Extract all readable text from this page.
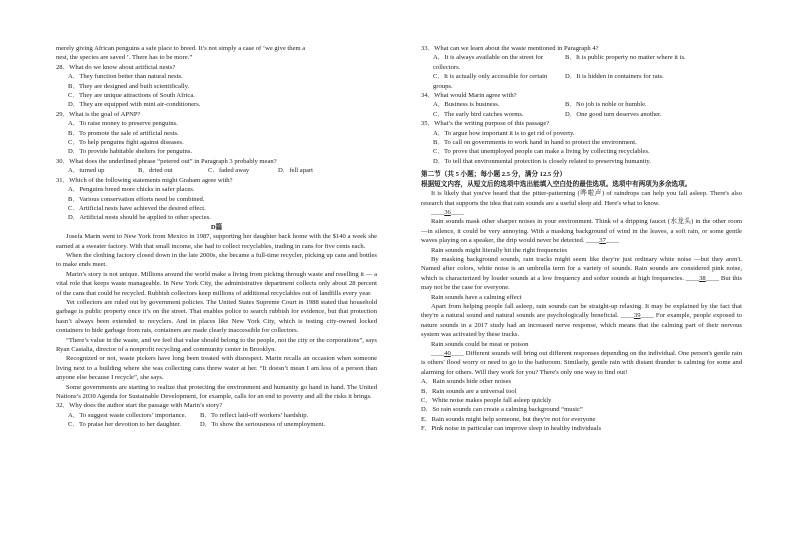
merely giving African penguins a safe place to breed. It’s not simply a case of ‘we give them a
nest, the species are saved ’. There has to be more.”
28．What do we know about artificial nests?
A．They function better than natural nests.
B．They are designed and built scientifically.
C．They are unique attractions of South Africa.
D．They are equipped with mini air-conditioners.
29．What is the goal of APNP?
A．To raise money to preserve penguins.
B．To promote the sale of artificial nests.
C．To help penguins fight against diseases.
D．To provide habitable shelters for penguins.
30．What does the underlined phrase “petered out” in Paragraph 3 probably mean?
A．turned up	B．dried out	C．faded away	D．fell apart
31．Which of the following statements might Graham agree with?
A．Penguins breed more chicks in safer places.
B．Various conservation efforts need be combined.
C．Artificial nests have achieved the desired effect.
D．Artificial nests should be applied to other species.
D篇

Josefa Marin went to New York from Mexico in 1987, supporting her daughter back home with the $140 a week she earned at a sweater factory. With that small income, she had to collect recyclables, trading in cans for five cents each.

When the clothing factory closed down in the late 2000s, she became a full-time recycler, picking up cans and bottles to make ends meet.

Marin’s story is not unique. Millions around the world make a living from picking through waste and reselling it — a vital role that keeps waste manageable. In New York City, the administrative department collects only about 28 percent of the cans that could be recycled. Rubbish collectors keep millions of additional recyclables out of landfills every year.

Yet collectors are ruled out by government policies. The United States Supreme Court in 1988 stated that household garbage is public property once it’s on the street. That enables police to search rubbish for evidence, but that protection hasn’t always been extended to recyclers. And in places like New York City, which is testing city-owned locked containers to hide garbage from rats, containers are made clearly inaccessible for collectors.

“There’s value in the waste, and we feel that value should belong to the people, not the city or the corporations”, says Ryan Castalia, director of a nonprofit recycling and community center in Brooklyn.

Recognized or not, waste pickers have long been treated with disrespect. Marin recalls an occasion when someone living next to a building where she was collecting cans threw water at her. “It doesn’t mean I am less of a person than anyone else because I recycle”, she says.

Some governments are starting to realize that protecting the environment and humanity go hand in hand. The United Nations’s 2030 Agenda for Sustainable Development, for example, calls for an end to poverty and all the risks it brings.

32．Why does the author start the passage with Marin’s story?
A．To suggest waste collectors’ importance.	B．To reflect laid-off workers’ hardship.
C．To praise her devotion to her daughter.	D．To show the seriousness of unemployment.
33．What can we learn about the waste mentioned in Paragraph 4?
A．It is always available on the street for collectors.
B．It is public property no matter where it is.
C．It is actually only accessible for certain groups.
D．It is hidden in containers for rats.
34．What would Marin agree with?
A．Business is business.	B．No job is noble or humble.
C．The early bird catches worms.	D．One good turn deserves another.
35．What’s the writing purpose of this passage?
A．To argue how important it is to get rid of poverty.
B．To call on governments to work hand in hand to protect the environment.
C．To prove that unemployed people can make a living by collecting recyclables.
D．To tell that environmental protection is closely related to preserving humanity.
第二节（共 5 小题；每小题 2.5 分，满分 12.5 分）
根据短文内容，从短文后的选项中选出能填入空白处的最佳选项。选项中有两项为多余选项。

It is likely that you've heard that the pitter-patterning (哗啦声) of raindrops can help you fall asleep. There's also research that supports the idea that rain sounds are a useful sleep aid. Here's what to know.

____36____

Rain sounds mask other sharper noises in your environment. Think of a dripping faucet (水龙头) in the other room —in silence, it could be very annoying. With a masking background of wind in the leaves, a soft rain, or some gentle waves playing on a speaker, the drip would never be detected. ____37____

Rain sounds might literally hit the right frequencies

By masking background sounds, rain tracks might seem like they're just ordinary white noise —but they aren't. Named after colors, white noise is an umbrella term for a variety of sounds. Rain sounds are considered pink noise, which is characterized by louder sounds at a low frequency and softer sounds at high frequencies. ____38____ But this may not be the case for everyone.

Rain sounds have a calming effect

Apart from helping people fall asleep, rain sounds can be straight-up relaxing. It may be explained by the fact that they're a natural sound and natural sounds are psychologically beneficial. ____39____ For example, people exposed to nature sounds in a 2017 study had an increased nerve response, which means that the calming part of their nervous system was activated by these tracks.

Rain sounds could be meat or poison

____40____ Different sounds will bring out different responses depending on the individual. One person's gentle rain is others' flood worry or need to go to the bathroom. Similarly, gentle rain with distant thunder is calming for some and alarming for others. Will they work for you? There's only one way to find out!

A．Rain sounds hide other noises
B．Rain sounds are a universal tool
C．White noise makes people fall asleep quickly
D．So rain sounds can create a calming background “music”
E．Rain sounds might help someone, but they're not for everyone
F．Pink noise in particular can improve sleep in healthy individuals
